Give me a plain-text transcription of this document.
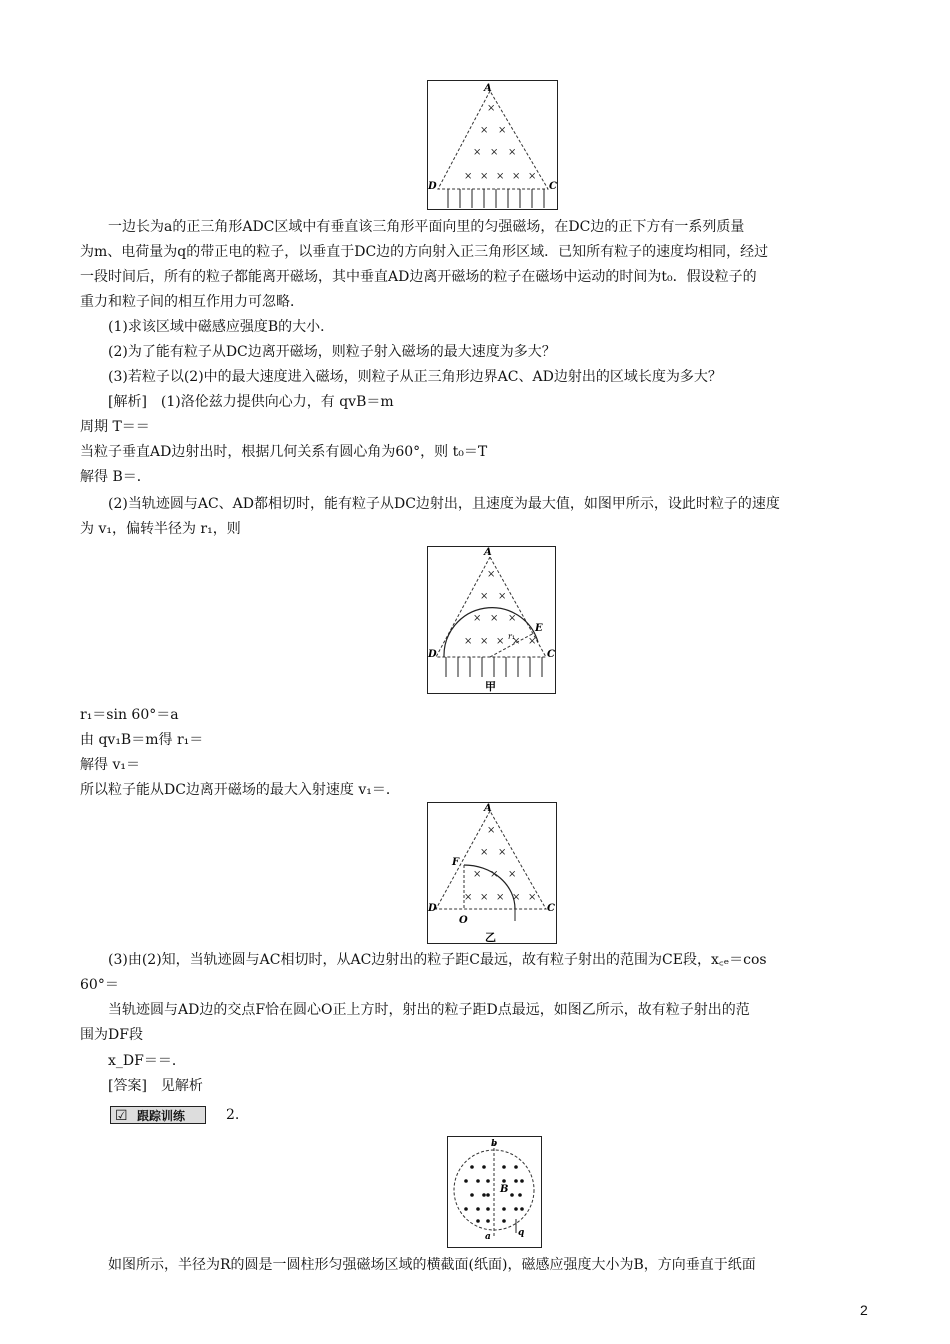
×
× ×
× × ×
× × × × ×
A
D	C

一边长为a的正三角形ADC区域中有垂直该三角形平面向里的匀强磁场，在DC边的正下方有一系列质量

为m、电荷量为q的带正电的粒子，以垂直于DC边的方向射入正三角形区域．已知所有粒子的速度均相同，经过

一段时间后，所有的粒子都能离开磁场，其中垂直AD边离开磁场的粒子在磁场中运动的时间为t₀．假设粒子的

重力和粒子间的相互作用力可忽略．

(1)求该区域中磁感应强度B的大小．

(2)为了能有粒子从DC边离开磁场，则粒子射入磁场的最大速度为多大？

(3)若粒子以(2)中的最大速度进入磁场，则粒子从正三角形边界AC、AD边射出的区域长度为多大？

[解析]　(1)洛伦兹力提供向心力，有 qvB＝m

周期 T＝＝

当粒子垂直AD边射出时，根据几何关系有圆心角为60°，则 t₀＝T

解得 B＝．

(2)当轨迹圆与AC、AD都相切时，能有粒子从DC边射出，且速度为最大值，如图甲所示，设此时粒子的速度

为 v₁，偏转半径为 r₁，则

×
× ×
× × ×
× × × × ×
A
E
D	C
r₁
甲

r₁＝sin 60°＝a

由 qv₁B＝m得 r₁＝

解得 v₁＝

所以粒子能从DC边离开磁场的最大入射速度 v₁＝．

×
× ×
× × ×
× × × × ×
A
F
D
O
C
乙

(3)由(2)知，当轨迹圆与AC相切时，从AC边射出的粒子距C最远，故有粒子射出的范围为CE段，x꜀ₑ＝cos

60°＝

当轨迹圆与AD边的交点F恰在圆心O正上方时，射出的粒子距D点最远，如图乙所示，故有粒子射出的范

围为DF段

x_DF＝＝．

[答案]　见解析

☑ 跟踪训练	2.

b
B
a	q

如图所示，半径为R的圆是一圆柱形匀强磁场区域的横截面(纸面)，磁感应强度大小为B，方向垂直于纸面

2
